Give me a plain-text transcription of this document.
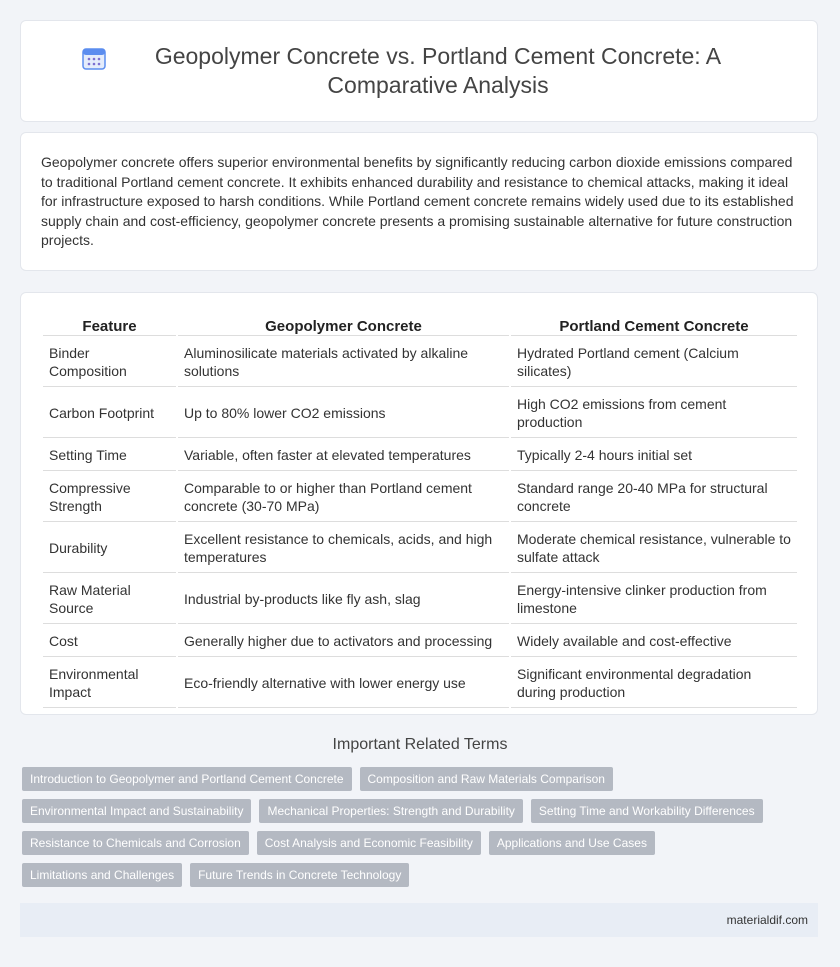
Geopolymer Concrete vs. Portland Cement Concrete: A Comparative Analysis

Geopolymer concrete offers superior environmental benefits by significantly reducing carbon dioxide emissions compared to traditional Portland cement concrete. It exhibits enhanced durability and resistance to chemical attacks, making it ideal for infrastructure exposed to harsh conditions. While Portland cement concrete remains widely used due to its established supply chain and cost-efficiency, geopolymer concrete presents a promising sustainable alternative for future construction projects.

Feature	Geopolymer Concrete	Portland Cement Concrete
Binder Composition	Aluminosilicate materials activated by alkaline solutions	Hydrated Portland cement (Calcium silicates)
Carbon Footprint	Up to 80% lower CO2 emissions	High CO2 emissions from cement production
Setting Time	Variable, often faster at elevated temperatures	Typically 2-4 hours initial set
Compressive Strength	Comparable to or higher than Portland cement concrete (30-70 MPa)	Standard range 20-40 MPa for structural concrete
Durability	Excellent resistance to chemicals, acids, and high temperatures	Moderate chemical resistance, vulnerable to sulfate attack
Raw Material Source	Industrial by-products like fly ash, slag	Energy-intensive clinker production from limestone
Cost	Generally higher due to activators and processing	Widely available and cost-effective
Environmental Impact	Eco-friendly alternative with lower energy use	Significant environmental degradation during production
Important Related Terms
Introduction to Geopolymer and Portland Cement Concrete	Composition and Raw Materials Comparison
Environmental Impact and Sustainability	Mechanical Properties: Strength and Durability	Setting Time and Workability Differences
Resistance to Chemicals and Corrosion	Cost Analysis and Economic Feasibility	Applications and Use Cases
Limitations and Challenges	Future Trends in Concrete Technology
materialdif.com
